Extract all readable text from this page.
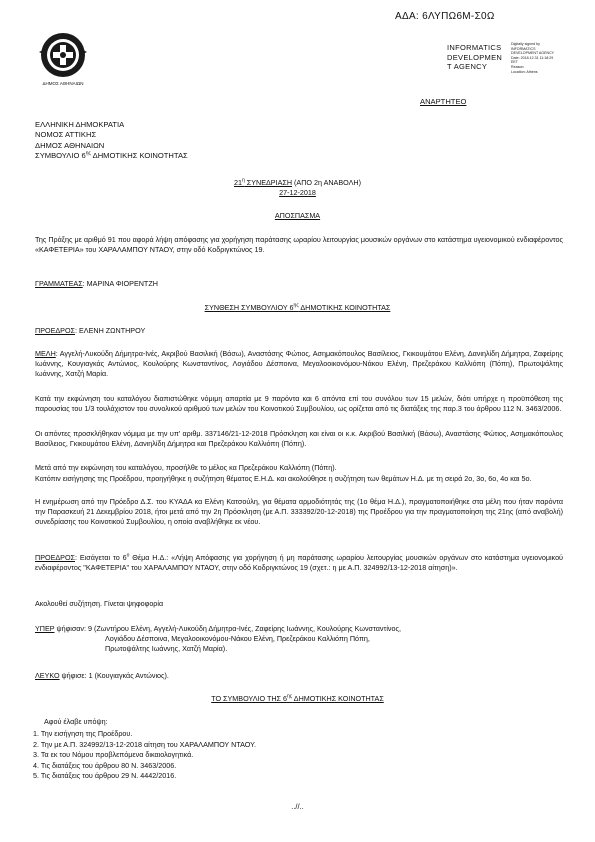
ΑΔΑ: 6ΛΥΠΩ6Μ-Σ0Ω
ΔΗΜΟΣ ΑΘΗΝΑΙΩΝ
INFORMATICS
DEVELOPMEN
T AGENCY
Digitally signed by
INFORMATICS
DEVELOPMENT AGENCY
Date: 2018.12.31 11:18:29
EET
Reason:
Location: Athens
ΑΝΑΡΤΗΤΕΟ
ΕΛΛΗΝΙΚΗ ΔΗΜΟΚΡΑΤΙΑ
ΝΟΜΟΣ ΑΤΤΙΚΗΣ
ΔΗΜΟΣ ΑΘΗΝΑΙΩΝ
ΣΥΜΒΟΥΛΙΟ $6^{\eta\varsigma}$ ΔΗΜΟΤΙΚΗΣ ΚΟΙΝΟΤΗΤΑΣ
$21^\eta$ ΣΥΝΕΔΡΙΑΣΗ (ΑΠΟ 2η ΑΝΑΒΟΛΗ)
27-12-2018
ΑΠΟΣΠΑΣΜΑ
Της Πράξης με αριθμό 91 που αφορά λήψη απόφασης για χορήγηση παράτασης ωραρίου λειτουργίας μουσικών οργάνων στο κατάστημα υγειονομικού ενδιαφέροντος «ΚΑΦΕΤΕΡΙΑ» του ΧΑΡΑΛΑΜΠΟΥ ΝΤΑΟΥ, στην οδό Κοδριγκτώνος 19.
ΓΡΑΜΜΑΤΕΑΣ: ΜΑΡΙΝΑ ΦΙΟΡΕΝΤΖΗ
ΣΥΝΘΕΣΗ ΣΥΜΒΟΥΛΙΟΥ $6^{\eta\varsigma}$ ΔΗΜΟΤΙΚΗΣ ΚΟΙΝΟΤΗΤΑΣ
ΠΡΟΕΔΡΟΣ: ΕΛΕΝΗ ΖΩΝΤΗΡΟΥ
ΜΕΛΗ: Αγγελή-Λυκούδη Δήμητρα-Ινές, Ακριβού Βασιλική (Βάσω), Αναστάσης Φώτιος, Ασημακόπουλος Βασίλειος, Γκικουμάτου Ελένη, Δανιηλίδη Δήμητρα, Ζαφείρης Ιωάννης, Κουγιαγκάς Αντώνιος, Κουλούρης Κωνσταντίνος, Λογιάδου Δέσποινα, Μεγαλοοικονόμου-Νάκου Ελένη, Πρεζεράκου Καλλιόπη (Πόπη), Πρωτοψάλτης Ιωάννης, Χατζή Μαρία.
Κατά την εκφώνηση του καταλόγου διαπιστώθηκε νόμιμη απαρτία με 9 παρόντα και 6 απόντα επί του συνόλου των 15 μελών, διότι υπήρχε η προϋπόθεση της παρουσίας του 1/3 τουλάχιστον του συνολικού αριθμού των μελών του Κοινοτικού Συμβουλίου, ως ορίζεται από τις διατάξεις της παρ.3 του άρθρου 112 Ν. 3463/2006.
Οι απόντες προσκλήθηκαν νόμιμα με την υπ' αριθμ. 337146/21-12-2018 Πρόσκληση και είναι οι κ.κ. Ακριβού Βασιλική (Βάσω), Αναστάσης Φώτιος, Ασημακόπουλος Βασίλειος, Γκικουμάτου Ελένη, Δανιηλίδη Δήμητρα και Πρεζεράκου Καλλιόπη (Πόπη).
Μετά από την εκφώνηση του καταλόγου, προσήλθε το μέλος κα Πρεζεράκου Καλλιόπη (Πόπη).
Κατόπιν εισήγησης της Προέδρου, προηγήθηκε η συζήτηση θέματος Ε.Η.Δ. και ακολούθησε η συζήτηση των θεμάτων Η.Δ. με τη σειρά 2ο, 3ο, 6ο, 4ο και 5ο.
Η ενημέρωση από την Πρόεδρο Δ.Σ. του ΚΥΑΔΑ κα Ελένη Κατσούλη, για θέματα αρμοδιότητάς της (1ο θέμα Η.Δ.), πραγματοποιήθηκε στα μέλη που ήταν παρόντα την Παρασκευή 21 Δεκεμβρίου 2018, ήτοι μετά από την 2η Πρόσκληση (με Α.Π. 333392/20-12-2018) της Προέδρου για την πραγματοποίηση της 21ης (από αναβολή) συνεδρίασης του Κοινοτικού Συμβουλίου, η οποία αναβλήθηκε εκ νέου.
ΠΡΟΕΔΡΟΣ: Εισάγεται το $6^o$ Θέμα Η.Δ.: «Λήψη Απόφασης για χορήγηση ή μη παράτασης ωραρίου λειτουργίας μουσικών οργάνων στο κατάστημα υγειονομικού ενδιαφέροντος "ΚΑΦΕΤΕΡΙΑ" του ΧΑΡΑΛΑΜΠΟΥ ΝΤΑΟΥ, στην οδό Κοδριγκτώνος 19 (σχετ.: η με Α.Π. 324992/13-12-2018 αίτηση)».
Ακολουθεί συζήτηση. Γίνεται ψηφοφορία
ΥΠΕΡ ψήφισαν: 9 (Ζωντήρου Ελένη, Αγγελή-Λυκούδη Δήμητρα-Ινές, Ζαφείρης Ιωάννης, Κουλούρης Κωνσταντίνος,
Λογιάδου Δέσποινα, Μεγαλοοικονόμου-Νάκου Ελένη, Πρεζεράκου Καλλιόπη Πόπη,
Πρωτοψάλτης Ιωάννης, Χατζή Μαρία).
ΛΕΥΚΟ ψήφισε: 1 (Κουγιαγκάς Αντώνιος).
ΤΟ ΣΥΜΒΟΥΛΙΟ ΤΗΣ $6^{\eta\varsigma}$ ΔΗΜΟΤΙΚΗΣ ΚΟΙΝΟΤΗΤΑΣ
Αφού έλαβε υπόψη:
1. Την εισήγηση της Προέδρου.
2. Την με Α.Π. 324992/13-12-2018 αίτηση του ΧΑΡΑΛΑΜΠΟΥ ΝΤΑΟΥ.
3. Τα εκ του Νόμου προβλεπόμενα δικαιολογητικά.
4. Τις διατάξεις του άρθρου 80 Ν. 3463/2006.
5. Τις διατάξεις του άρθρου 29 Ν. 4442/2016.
..//..
